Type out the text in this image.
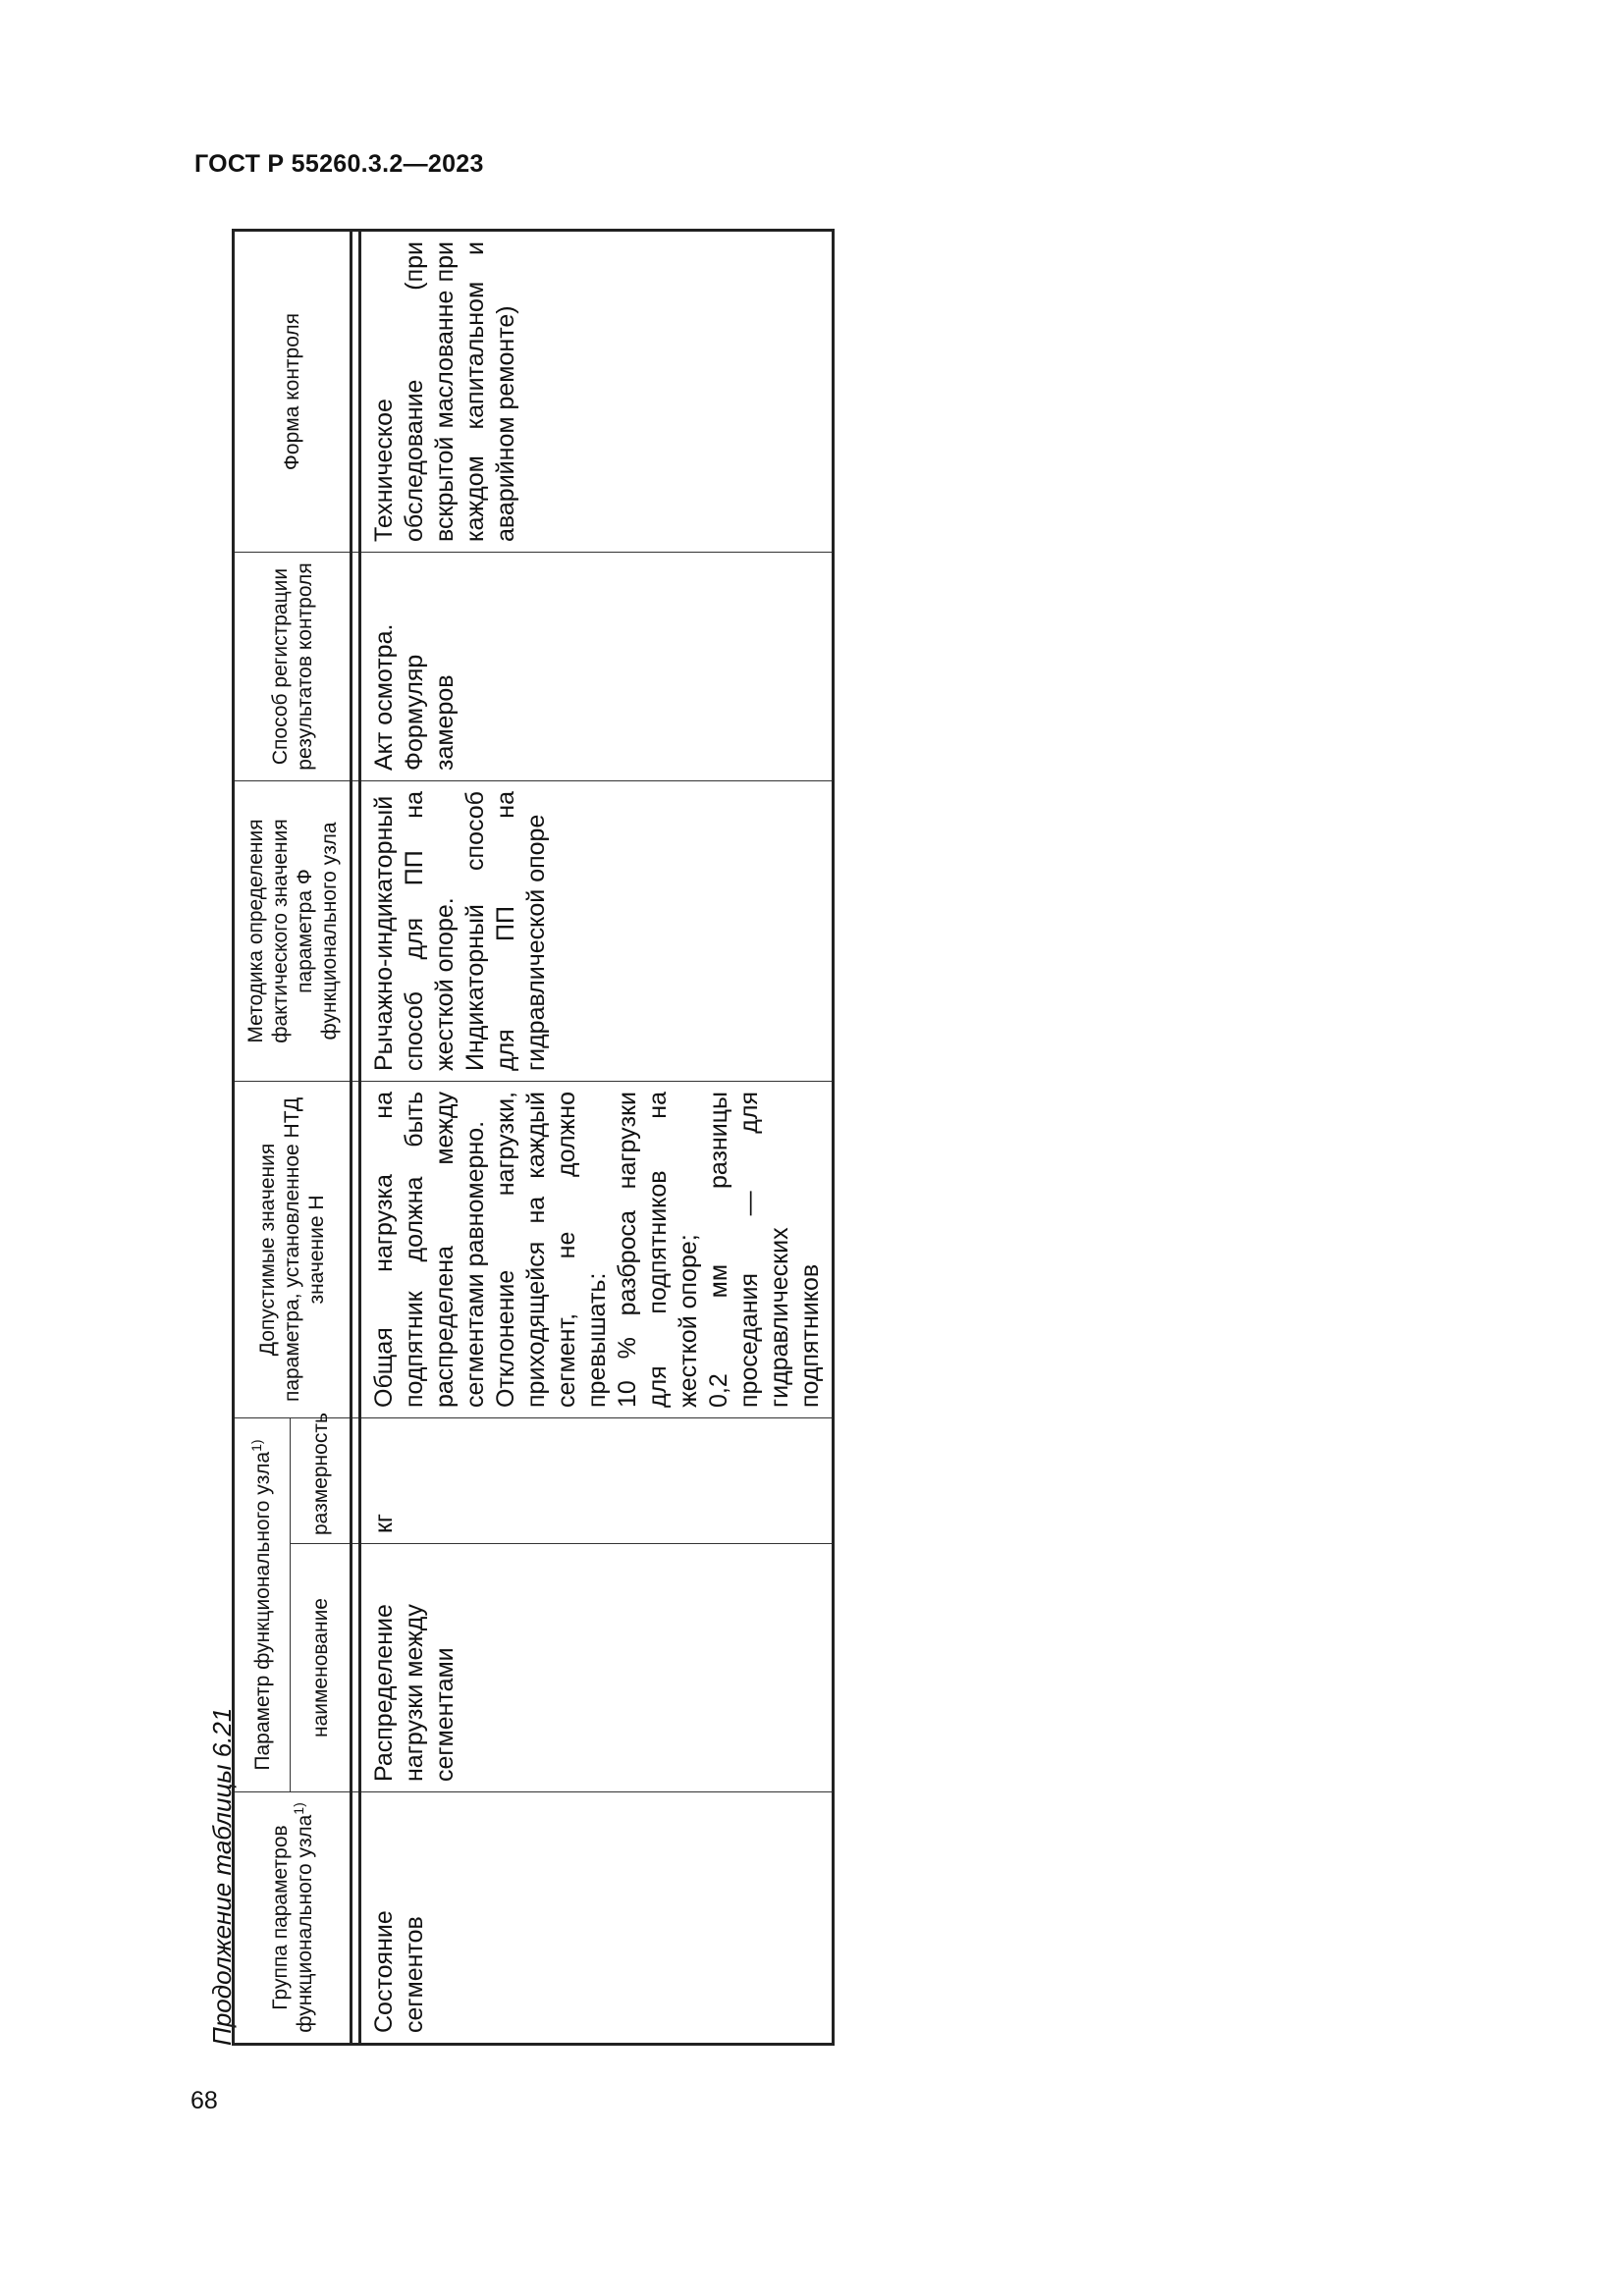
ГОСТ Р 55260.3.2—2023
Продолжение таблицы 6.21 Группа параметров функционального узла$^{1)}$	Параметр функционального узла$^{1)}$		Допустимые значения параметра, установленное НТД значение Н	Методика определения фактического значения параметра Ф функционального узла	Способ регистрации результатов контроля	Форма контроля
	наименование	размерность				

Состояние сегментов	Распределение нагрузки между сегментами	кг	Общая нагрузка на подпятник должна быть распределена между сегментами равномерно. Отклонение нагрузки, приходящейся на каждый сегмент, не должно превышать: 10 % разброса нагрузки для подпятников на жесткой опоре; 0,2 мм разницы проседания — для гидравлических подпятников	Рычажно-индикаторный способ для ПП на жесткой опоре. Индикаторный способ для ПП на гидравлической опоре	Акт осмотра. Формуляр замеров	Техническое обследование (при вскрытой маслованне при каждом капитальном и аварийном ремонте)
68
